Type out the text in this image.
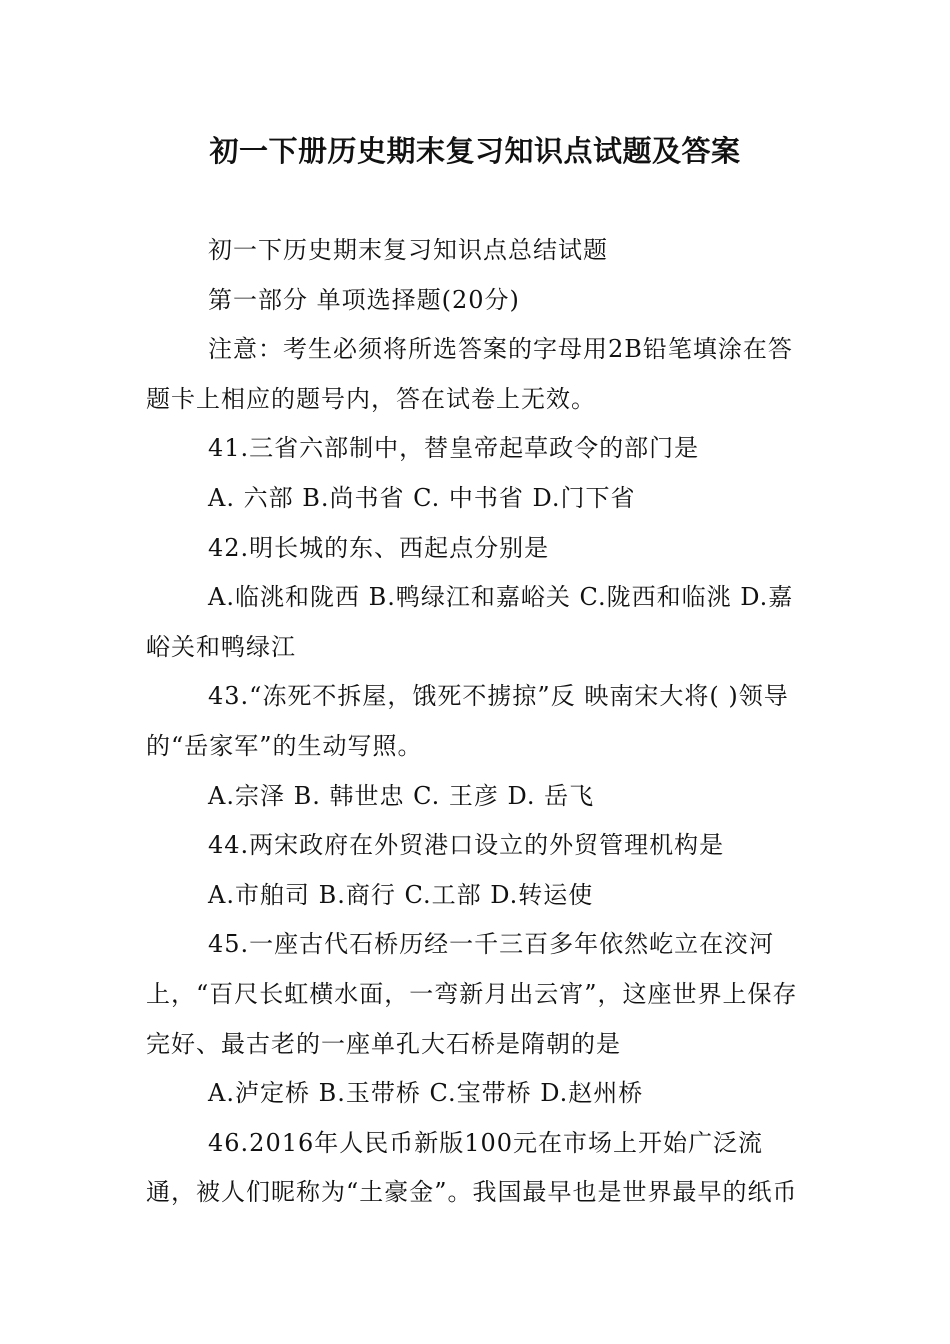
初一下册历史期末复习知识点试题及答案

初一下历史期末复习知识点总结试题

第一部分 单项选择题(20分)

注意：考生必须将所选答案的字母用2B铅笔填涂在答题卡上相应的题号内，答在试卷上无效。

41.三省六部制中，替皇帝起草政令的部门是

A. 六部 B.尚书省 C. 中书省 D.门下省

42.明长城的东、西起点分别是

A.临洮和陇西 B.鸭绿江和嘉峪关 C.陇西和临洮 D.嘉峪关和鸭绿江

43.“冻死不拆屋，饿死不掳掠”反 映南宋大将( )领导的“岳家军”的生动写照。

A.宗泽 B. 韩世忠 C. 王彦 D. 岳飞

44.两宋政府在外贸港口设立的外贸管理机构是

A.市舶司 B.商行 C.工部 D.转运使

45.一座古代石桥历经一千三百多年依然屹立在洨河上，“百尺长虹横水面，一弯新月出云宵”，这座世界上保存完好、最古老的一座单孔大石桥是隋朝的是

A.泸定桥 B.玉带桥 C.宝带桥 D.赵州桥

46.2016年人民币新版100元在市场上开始广泛流通，被人们昵称为“土豪金”。我国最早也是世界最早的纸币
